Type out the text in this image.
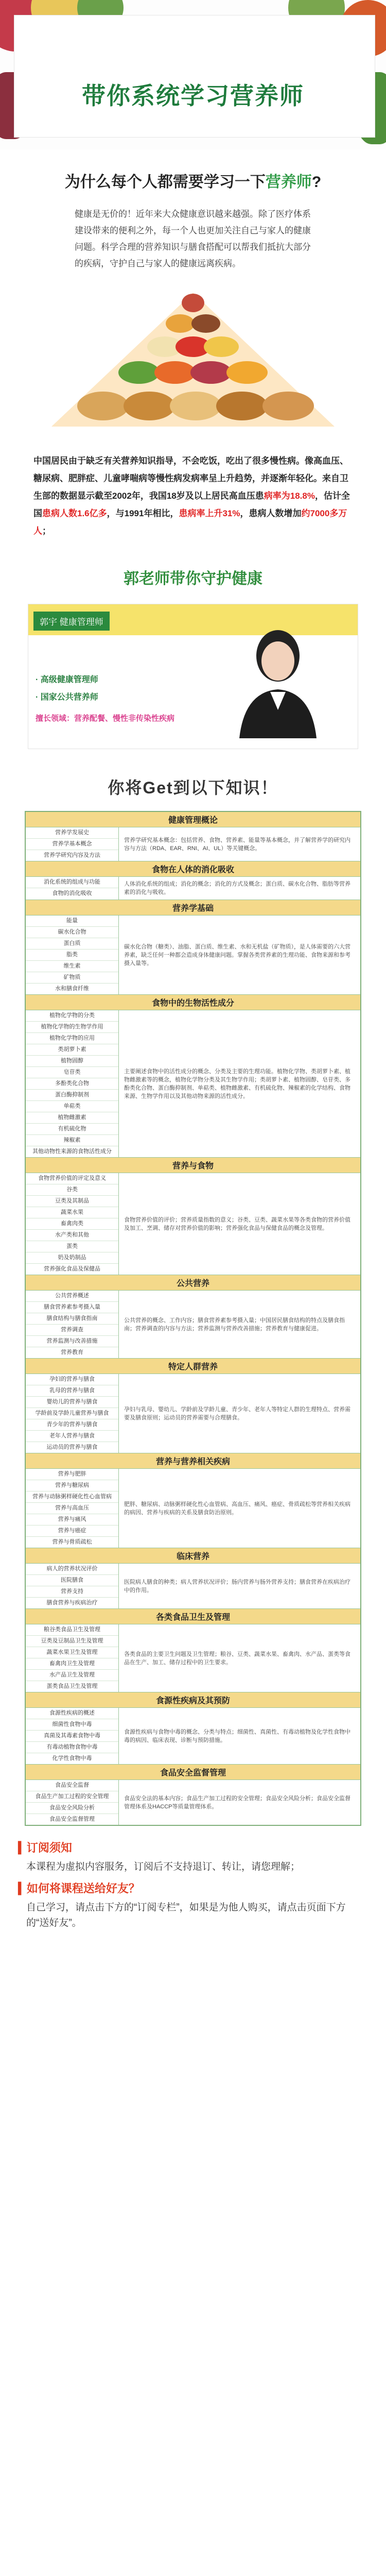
带你系统学习营养师
为什么每个人都需要学习一下营养师?
健康是无价的！近年来大众健康意识越来越强。除了医疗体系建设带来的便利之外，每一个人也更加关注自己与家人的健康问题。科学合理的营养知识与膳食搭配可以帮我们抵抗大部分的疾病，守护自己与家人的健康远离疾病。
中国居民由于缺乏有关营养知识指导，不会吃饭，吃出了很多慢性病。像高血压、糖尿病、肥胖症、儿童哮喘病等慢性病发病率呈上升趋势，并逐渐年轻化。来自卫生部的数据显示截至2002年，我国18岁及以上居民高血压患病率为18.8%，估计全国患病人数1.6亿多，与1991年相比，患病率上升31%，患病人数增加约7000多万人；
郭老师带你守护健康
郭宇 健康管理师
· 高级健康管理师
· 国家公共营养师
擅长领域：营养配餐、慢性非传染性疾病
你将Get到以下知识！
健康管理概论
营养学发展史
营养学基本概念
营养学研究内容及方法
营养学研究基本概念：包括营养、食物、营养素、能量等基本概念，并了解营养学的研究内容与方法（RDA、EAR、RNI、AI、UL）等关键概念。
食物在人体的消化吸收
消化系统的组成与功能
食物的消化吸收
人体消化系统的组成；消化的概念；消化的方式及概念；蛋白质、碳水化合物、脂肪等营养素的消化与吸收。
营养学基础
能量
碳水化合物
蛋白质
脂类
维生素
矿物质
水和膳食纤维
碳水化合物（糖类）、油脂、蛋白质、维生素、水和无机盐（矿物质），是人体需要的六大营养素，缺乏任何一种都会造成身体健康问题。掌握各类营养素的生理功能、食物来源和参考摄入量等。
食物中的生物活性成分
植物化学物的分类
植物化学物的生物学作用
植物化学物的应用
类胡萝卜素
植物固醇
皂苷类
多酚类化合物
蛋白酶抑制剂
单萜类
植物雌激素
有机硫化物
辣椒素
其他动物性来源的食物活性成分
主要阐述食物中的活性成分的概念、分类及主要的生理功能。植物化学物、类胡萝卜素、植物雌激素等的概念，植物化学物分类及其生物学作用；类胡萝卜素、植物固醇、皂苷类、多酚类化合物、蛋白酶抑制剂、单萜类、植物雌激素、有机硫化物、辣椒素的化学结构、食物来源、生物学作用以及其他动物来源的活性成分。
营养与食物
食物营养价值的评定及意义
谷类
豆类及其制品
蔬菜水果
畜禽肉类
水产类和其他
蛋类
奶及奶制品
营养强化食品及保健品
食物营养价值的评价；营养质量指数的意义；谷类、豆类、蔬菜水果等各类食物的营养价值及加工、烹调、储存对营养价值的影响；营养强化食品与保健食品的概念及管理。
公共营养
公共营养概述
膳食营养素参考摄入量
膳食结构与膳食指南
营养调查
营养监测与改善措施
营养教育
公共营养的概念、工作内容；膳食营养素参考摄入量；中国居民膳食结构的特点及膳食指南；营养调查的内容与方法；营养监测与营养改善措施；营养教育与健康促进。
特定人群营养
孕妇的营养与膳食
乳母的营养与膳食
婴幼儿的营养与膳食
学龄前及学龄儿童营养与膳食
青少年的营养与膳食
老年人营养与膳食
运动员的营养与膳食
孕妇与乳母、婴幼儿、学龄前及学龄儿童、青少年、老年人等特定人群的生理特点、营养需要及膳食原则；运动员的营养需要与合理膳食。
营养与营养相关疾病
营养与肥胖
营养与糖尿病
营养与动脉粥样硬化性心血管病
营养与高血压
营养与痛风
营养与癌症
营养与骨质疏松
肥胖、糖尿病、动脉粥样硬化性心血管病、高血压、痛风、癌症、骨质疏松等营养相关疾病的病因、营养与疾病的关系及膳食防治原则。
临床营养
病人的营养状况评价
医院膳食
营养支持
膳食营养与疾病治疗
医院病人膳食的种类；病人营养状况评价；肠内营养与肠外营养支持；膳食营养在疾病治疗中的作用。
各类食品卫生及管理
粮谷类食品卫生及管理
豆类及豆制品卫生及管理
蔬菜水果卫生及管理
畜禽肉卫生及管理
水产品卫生及管理
蛋类食品卫生及管理
各类食品的主要卫生问题及卫生管理；粮谷、豆类、蔬菜水果、畜禽肉、水产品、蛋类等食品在生产、加工、储存过程中的卫生要求。
食源性疾病及其预防
食源性疾病的概述
细菌性食物中毒
真菌及其毒素食物中毒
有毒动植物食物中毒
化学性食物中毒
食源性疾病与食物中毒的概念、分类与特点；细菌性、真菌性、有毒动植物及化学性食物中毒的病因、临床表现、诊断与预防措施。
食品安全监督管理
食品安全监督
食品生产加工过程的安全管理
食品安全风险分析
食品安全监督管理
食品安全法的基本内容；食品生产加工过程的安全管理；食品安全风险分析；食品安全监督管理体系及HACCP等质量管理体系。
▍订阅须知
本课程为虚拟内容服务，订阅后不支持退订、转让，请您理解；
▍如何将课程送给好友？
自己学习，请点击下方的“订阅专栏”，如果是为他人购买，请点击页面下方的“送好友”。
